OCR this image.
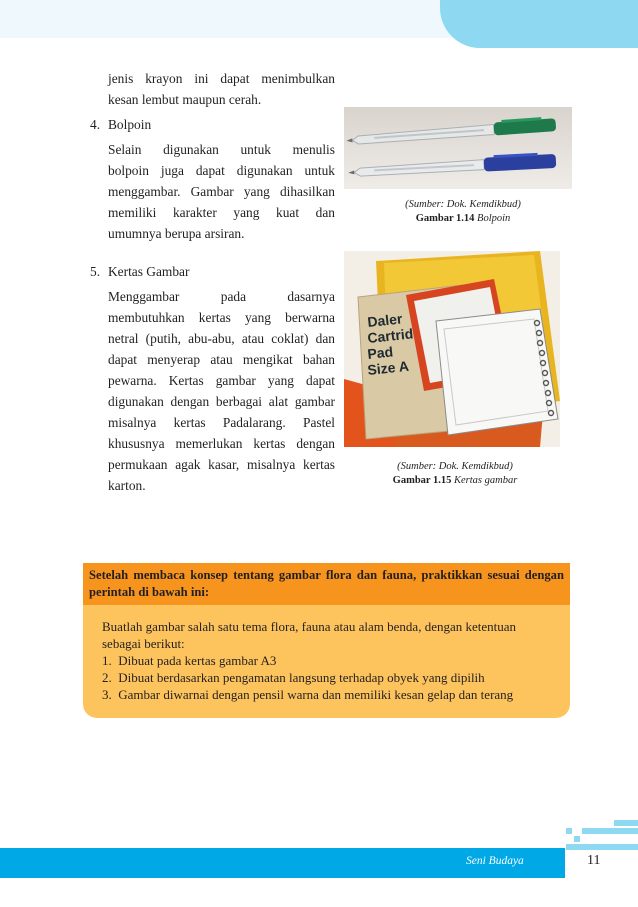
jenis krayon ini dapat menimbulkan
kesan lembut maupun cerah.
4. Bolpoin
Selain digunakan untuk menulis
bolpoin juga dapat digunakan untuk
menggambar. Gambar yang dihasilkan
memiliki karakter yang kuat dan
umumnya berupa arsiran.
(Sumber: Dok. Kemdikbud)
Gambar 1.14 Bolpoin
5. Kertas Gambar
Menggambar pada dasarnya
membutuhkan kertas yang berwarna
netral (putih, abu-abu, atau coklat) dan
dapat menyerap atau mengikat bahan
pewarna. Kertas gambar yang dapat
digunakan dengan berbagai alat gambar
misalnya kertas Padalarang. Pastel
khususnya memerlukan kertas dengan
permukaan agak kasar, misalnya kertas
karton.
Daler
Cartrid
Pad
Size A
(Sumber: Dok. Kemdikbud)
Gambar 1.15 Kertas gambar
Buatlah gambar salah satu tema flora, fauna atau alam benda, dengan ketentuan
sebagai berikut:
1. Dibuat pada kertas gambar A3
2. Dibuat berdasarkan pengamatan langsung terhadap obyek yang dipilih
3. Gambar diwarnai dengan pensil warna dan memiliki kesan gelap dan terang
Setelah membaca konsep tentang gambar flora dan fauna, praktikkan sesuai dengan perintah di bawah ini:
Seni Budaya	11
